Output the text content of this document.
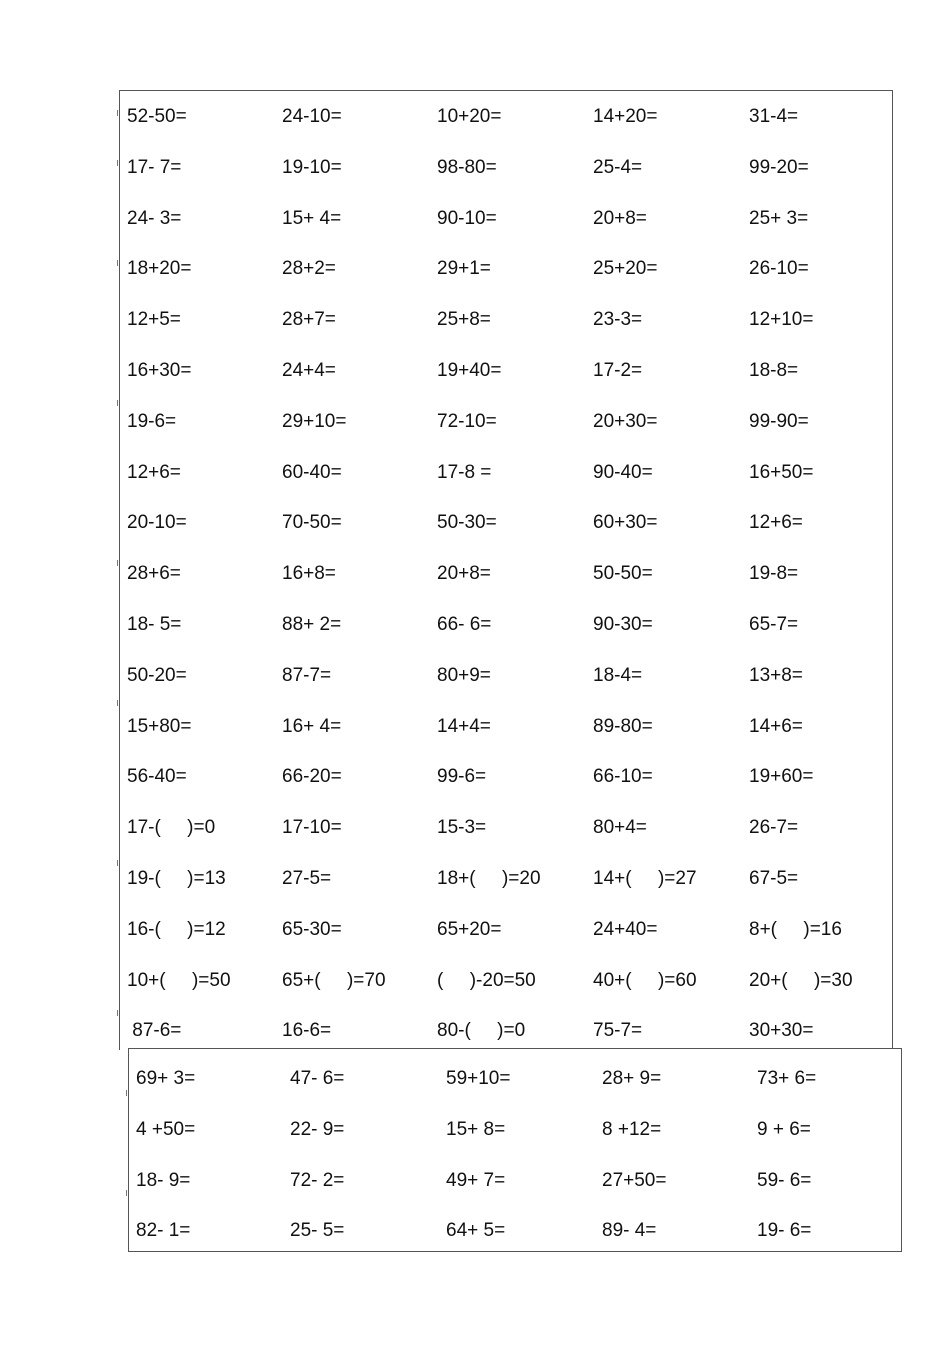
52-50=	24-10=	10+20=	14+20=	31-4=
17- 7=	19-10=	98-80=	25-4=	99-20=
24- 3=	15+ 4=	90-10=	20+8=	25+ 3=
18+20=	28+2=	29+1=	25+20=	26-10=
12+5=	28+7=	25+8=	23-3=	12+10=
16+30=	24+4=	19+40=	17-2=	18-8=
19-6=	29+10=	72-10=	20+30=	99-90=
12+6=	60-40=	17-8 =	90-40=	16+50=
20-10=	70-50=	50-30=	60+30=	12+6=
28+6=	16+8=	20+8=	50-50=	19-8=
18- 5=	88+ 2=	66- 6=	90-30=	65-7=
50-20=	87-7=	80+9=	18-4=	13+8=
15+80=	16+ 4=	14+4=	89-80=	14+6=
56-40=	66-20=	99-6=	66-10=	19+60=
17-(     )=0	17-10=	15-3=	80+4=	26-7=
19-(     )=13	27-5=	18+(     )=20	14+(     )=27	67-5=
16-(     )=12	65-30=	65+20=	24+40=	8+(     )=16
10+(     )=50	65+(     )=70	(     )-20=50	40+(     )=60	20+(     )=30
87-6=	16-6=	80-(     )=0	75-7=	30+30=
69+ 3=	47- 6=	59+10=	28+ 9=	73+ 6=
4 +50=	22- 9=	15+ 8=	8 +12=	9 + 6=
18- 9=	72- 2=	49+ 7=	27+50=	59- 6=
82- 1=	25- 5=	64+ 5=	89- 4=	19- 6=
